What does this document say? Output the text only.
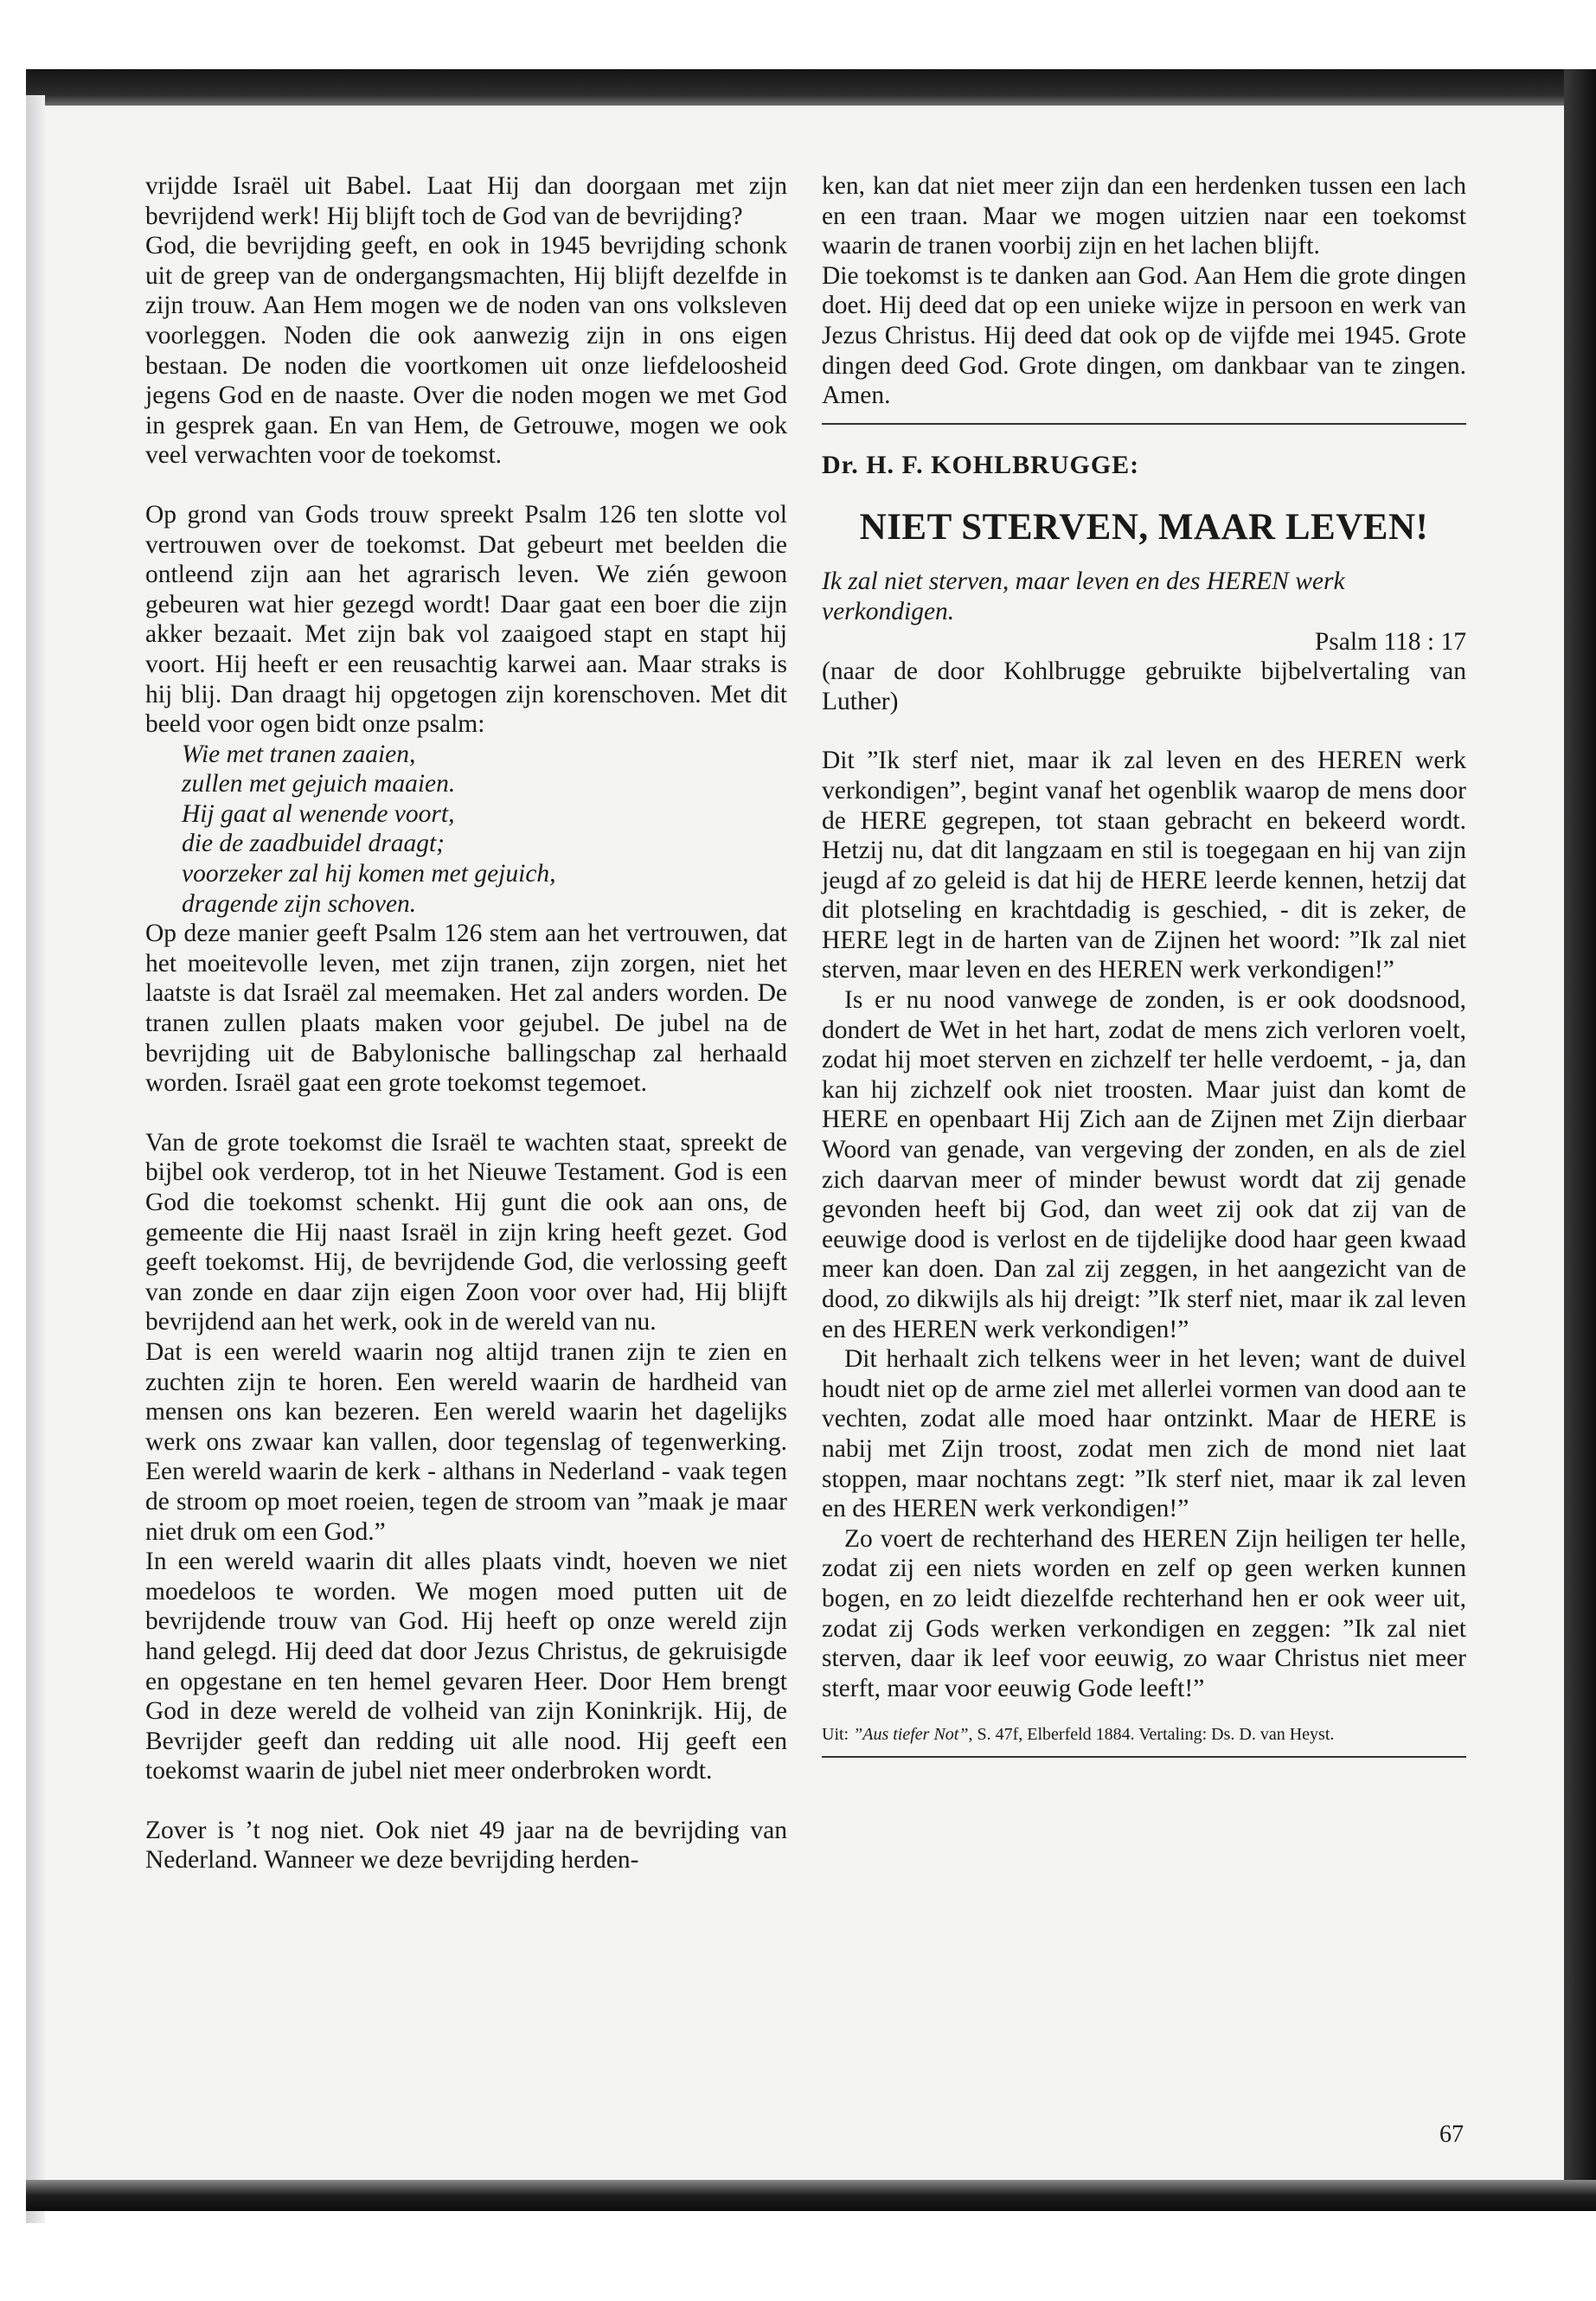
vrijdde Israël uit Babel. Laat Hij dan doorgaan met zijn bevrijdend werk! Hij blijft toch de God van de bevrijding?

God, die bevrijding geeft, en ook in 1945 bevrijding schonk uit de greep van de ondergangsmachten, Hij blijft dezelfde in zijn trouw. Aan Hem mogen we de noden van ons volksleven voorleggen. Noden die ook aanwezig zijn in ons eigen bestaan. De noden die voortkomen uit onze liefdeloosheid jegens God en de naaste. Over die noden mogen we met God in gesprek gaan. En van Hem, de Getrouwe, mogen we ook veel verwachten voor de toekomst.

Op grond van Gods trouw spreekt Psalm 126 ten slotte vol vertrouwen over de toekomst. Dat gebeurt met beelden die ontleend zijn aan het agrarisch leven. We zién gewoon gebeuren wat hier gezegd wordt! Daar gaat een boer die zijn akker bezaait. Met zijn bak vol zaaigoed stapt en stapt hij voort. Hij heeft er een reusachtig karwei aan. Maar straks is hij blij. Dan draagt hij opgetogen zijn korenschoven. Met dit beeld voor ogen bidt onze psalm:

Wie met tranen zaaien,

zullen met gejuich maaien.

Hij gaat al wenende voort,

die de zaadbuidel draagt;

voorzeker zal hij komen met gejuich,

dragende zijn schoven.

Op deze manier geeft Psalm 126 stem aan het vertrouwen, dat het moeitevolle leven, met zijn tranen, zijn zorgen, niet het laatste is dat Israël zal meemaken. Het zal anders worden. De tranen zullen plaats maken voor gejubel. De jubel na de bevrijding uit de Babylonische ballingschap zal herhaald worden. Israël gaat een grote toekomst tegemoet.

Van de grote toekomst die Israël te wachten staat, spreekt de bijbel ook verderop, tot in het Nieuwe Testament. God is een God die toekomst schenkt. Hij gunt die ook aan ons, de gemeente die Hij naast Israël in zijn kring heeft gezet. God geeft toekomst. Hij, de bevrijdende God, die verlossing geeft van zonde en daar zijn eigen Zoon voor over had, Hij blijft bevrijdend aan het werk, ook in de wereld van nu.

Dat is een wereld waarin nog altijd tranen zijn te zien en zuchten zijn te horen. Een wereld waarin de hardheid van mensen ons kan bezeren. Een wereld waarin het dagelijks werk ons zwaar kan vallen, door tegenslag of tegenwerking. Een wereld waarin de kerk - althans in Nederland - vaak tegen de stroom op moet roeien, tegen de stroom van ”maak je maar niet druk om een God.”

In een wereld waarin dit alles plaats vindt, hoeven we niet moedeloos te worden. We mogen moed putten uit de bevrijdende trouw van God. Hij heeft op onze wereld zijn hand gelegd. Hij deed dat door Jezus Christus, de gekruisigde en opgestane en ten hemel gevaren Heer. Door Hem brengt God in deze wereld de volheid van zijn Koninkrijk. Hij, de Bevrijder geeft dan redding uit alle nood. Hij geeft een toekomst waarin de jubel niet meer onderbroken wordt.

Zover is ’t nog niet. Ook niet 49 jaar na de bevrijding van Nederland. Wanneer we deze bevrijding herden-

ken, kan dat niet meer zijn dan een herdenken tussen een lach en een traan. Maar we mogen uitzien naar een toekomst waarin de tranen voorbij zijn en het lachen blijft.

Die toekomst is te danken aan God. Aan Hem die grote dingen doet. Hij deed dat op een unieke wijze in persoon en werk van Jezus Christus. Hij deed dat ook op de vijfde mei 1945. Grote dingen deed God. Grote dingen, om dankbaar van te zingen. Amen.

Dr. H. F. KOHLBRUGGE:

NIET STERVEN, MAAR LEVEN!

Ik zal niet sterven, maar leven en des HEREN werk verkondigen.

Psalm 118 : 17

(naar de door Kohlbrugge gebruikte bijbelvertaling van Luther)

Dit ”Ik sterf niet, maar ik zal leven en des HEREN werk verkondigen”, begint vanaf het ogenblik waarop de mens door de HERE gegrepen, tot staan gebracht en bekeerd wordt. Hetzij nu, dat dit langzaam en stil is toegegaan en hij van zijn jeugd af zo geleid is dat hij de HERE leerde kennen, hetzij dat dit plotseling en krachtdadig is geschied, - dit is zeker, de HERE legt in de harten van de Zijnen het woord: ”Ik zal niet sterven, maar leven en des HEREN werk verkondigen!”

Is er nu nood vanwege de zonden, is er ook doodsnood, dondert de Wet in het hart, zodat de mens zich verloren voelt, zodat hij moet sterven en zichzelf ter helle verdoemt, - ja, dan kan hij zichzelf ook niet troosten. Maar juist dan komt de HERE en openbaart Hij Zich aan de Zijnen met Zijn dierbaar Woord van genade, van vergeving der zonden, en als de ziel zich daarvan meer of minder bewust wordt dat zij genade gevonden heeft bij God, dan weet zij ook dat zij van de eeuwige dood is verlost en de tijdelijke dood haar geen kwaad meer kan doen. Dan zal zij zeggen, in het aangezicht van de dood, zo dikwijls als hij dreigt: ”Ik sterf niet, maar ik zal leven en des HEREN werk verkondigen!”

Dit herhaalt zich telkens weer in het leven; want de duivel houdt niet op de arme ziel met allerlei vormen van dood aan te vechten, zodat alle moed haar ontzinkt. Maar de HERE is nabij met Zijn troost, zodat men zich de mond niet laat stoppen, maar nochtans zegt: ”Ik sterf niet, maar ik zal leven en des HEREN werk verkondigen!”

Zo voert de rechterhand des HEREN Zijn heiligen ter helle, zodat zij een niets worden en zelf op geen werken kunnen bogen, en zo leidt diezelfde rechterhand hen er ook weer uit, zodat zij Gods werken verkondigen en zeggen: ”Ik zal niet sterven, daar ik leef voor eeuwig, zo waar Christus niet meer sterft, maar voor eeuwig Gode leeft!”

Uit: ”Aus tiefer Not”, S. 47f, Elberfeld 1884. Vertaling: Ds. D. van Heyst.

67
